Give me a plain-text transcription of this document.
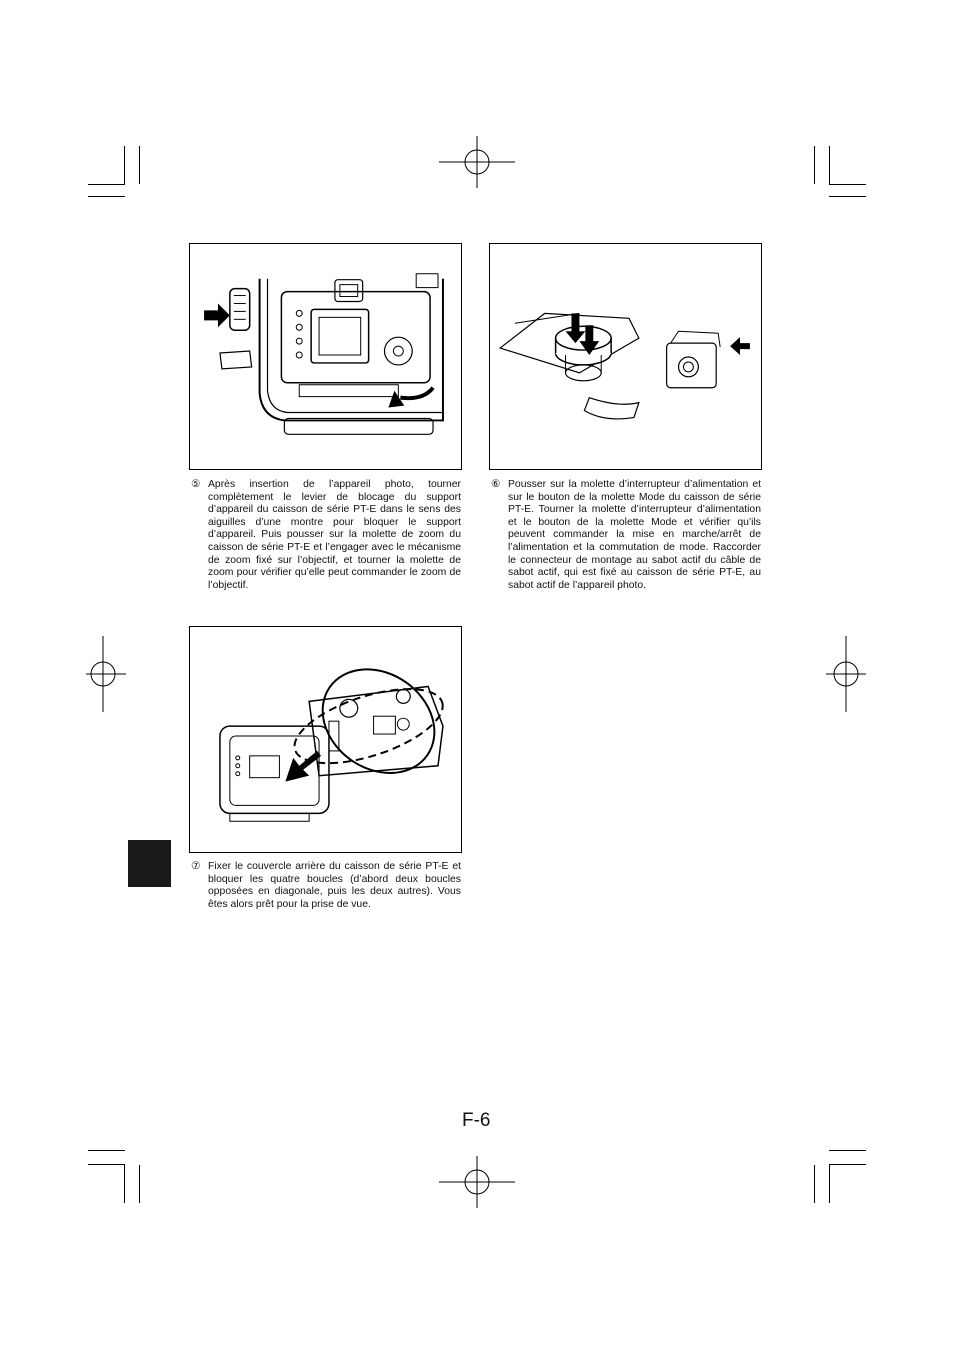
⑤ Après insertion de l’appareil photo, tourner complètement le levier de blocage du support d’appareil du caisson de série PT-E dans le sens des aiguilles d’une montre pour bloquer le support d’appareil. Puis pousser sur la molette de zoom du caisson de série PT-E et l’engager avec le mécanisme de zoom fixé sur l’objectif, et tourner la molette de zoom pour vérifier qu’elle peut commander le zoom de l’objectif.

⑥ Pousser sur la molette d’interrupteur d’alimentation et sur le bouton de la molette Mode du caisson de série PT-E. Tourner la molette d’interrupteur d’alimentation et le bouton de la molette Mode et vérifier qu’ils peuvent commander la mise en marche/arrêt de l’alimentation et la commutation de mode. Raccorder le connecteur de montage au sabot actif du câble de sabot actif, qui est fixé au caisson de série PT-E, au sabot actif de l’appareil photo.

⑦ Fixer le couvercle arrière du caisson de série PT-E et bloquer les quatre boucles (d’abord deux boucles opposées en diagonale, puis les deux autres). Vous êtes alors prêt pour la prise de vue.

F-6
